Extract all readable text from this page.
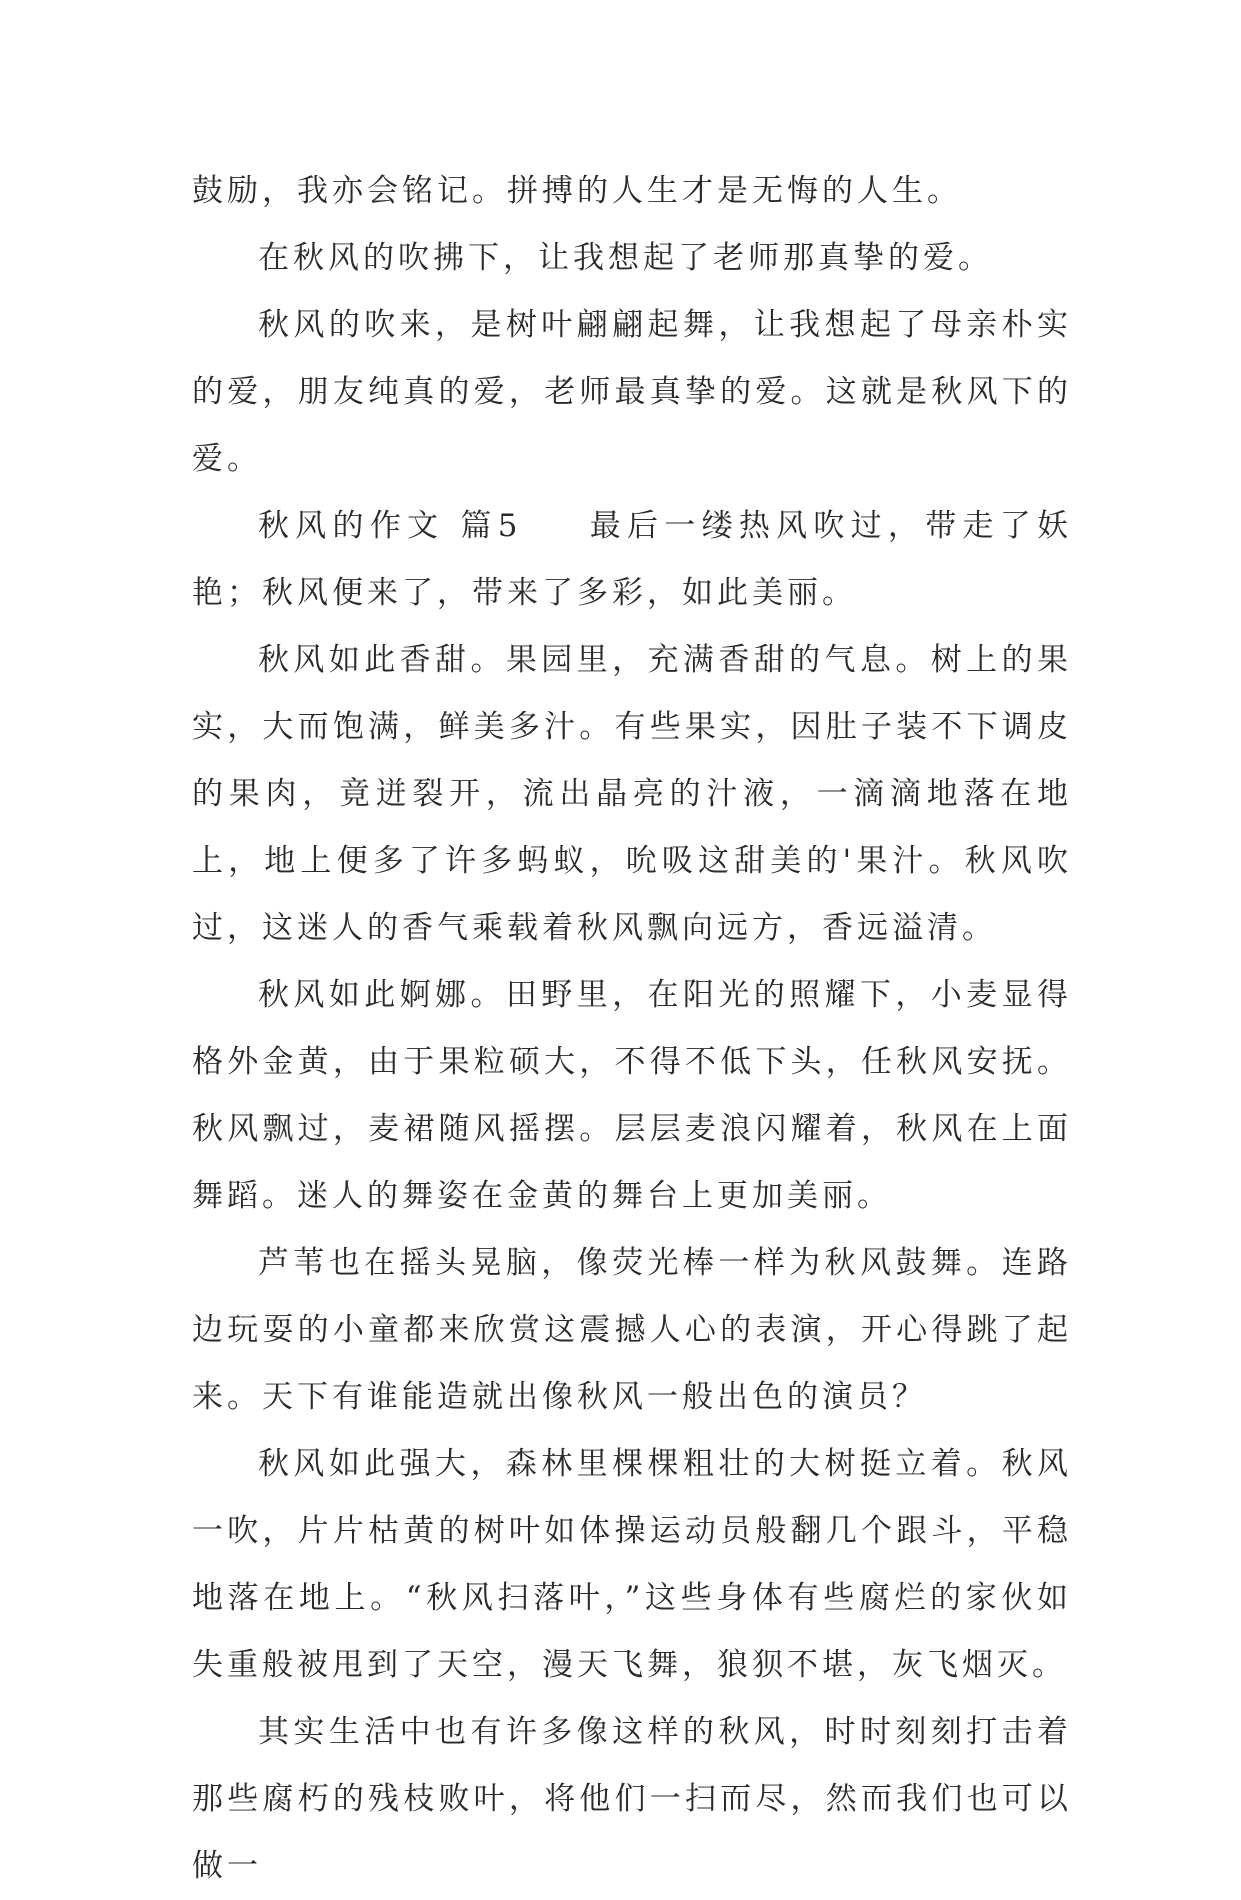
鼓励，我亦会铭记。拼搏的人生才是无悔的人生。

在秋风的吹拂下，让我想起了老师那真挚的爱。

秋风的吹来，是树叶翩翩起舞，让我想起了母亲朴实的爱，朋友纯真的爱，老师最真挚的爱。这就是秋风下的爱。

秋风的作文 篇5 最后一缕热风吹过，带走了妖艳；秋风便来了，带来了多彩，如此美丽。

秋风如此香甜。果园里，充满香甜的气息。树上的果实，大而饱满，鲜美多汁。有些果实，因肚子装不下调皮的果肉，竟迸裂开，流出晶亮的汁液，一滴滴地落在地上，地上便多了许多蚂蚁，吮吸这甜美的'果汁。秋风吹过，这迷人的香气乘载着秋风飘向远方，香远溢清。

秋风如此婀娜。田野里，在阳光的照耀下，小麦显得格外金黄，由于果粒硕大，不得不低下头，任秋风安抚。秋风飘过，麦裙随风摇摆。层层麦浪闪耀着，秋风在上面舞蹈。迷人的舞姿在金黄的舞台上更加美丽。

芦苇也在摇头晃脑，像荧光棒一样为秋风鼓舞。连路边玩耍的小童都来欣赏这震撼人心的表演，开心得跳了起来。天下有谁能造就出像秋风一般出色的演员？

秋风如此强大，森林里棵棵粗壮的大树挺立着。秋风一吹，片片枯黄的树叶如体操运动员般翻几个跟斗，平稳地落在地上。“秋风扫落叶，”这些身体有些腐烂的家伙如失重般被甩到了天空，漫天飞舞，狼狈不堪，灰飞烟灭。

其实生活中也有许多像这样的秋风，时时刻刻打击着那些腐朽的残枝败叶，将他们一扫而尽，然而我们也可以做一
